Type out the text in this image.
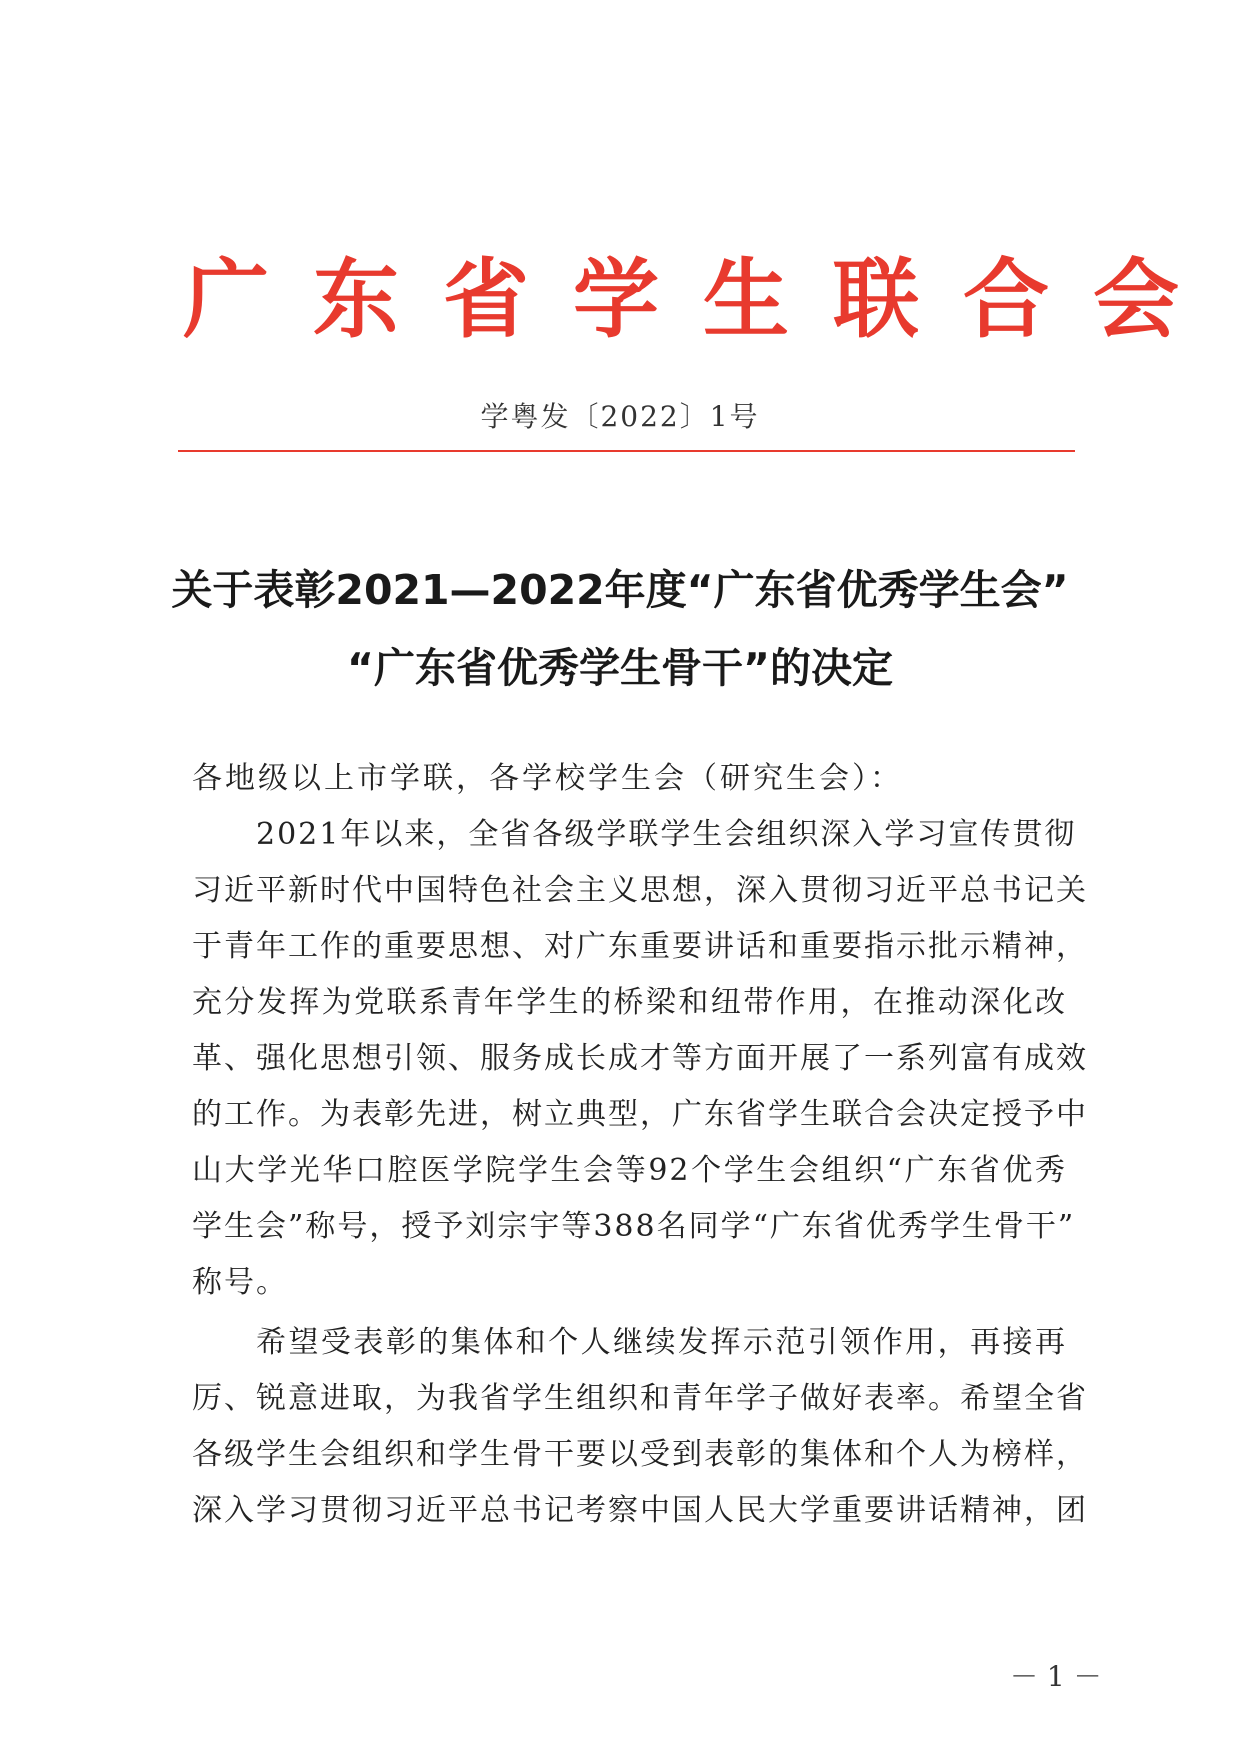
广东省学生联合会
学粤发〔2022〕1号
关于表彰2021—2022年度“广东省优秀学生会”
“广东省优秀学生骨干”的决定
各地级以上市学联，各学校学生会（研究生会）：
2021年以来，全省各级学联学生会组织深入学习宣传贯彻
习近平新时代中国特色社会主义思想，深入贯彻习近平总书记关
于青年工作的重要思想、对广东重要讲话和重要指示批示精神，
充分发挥为党联系青年学生的桥梁和纽带作用，在推动深化改
革、强化思想引领、服务成长成才等方面开展了一系列富有成效
的工作。为表彰先进，树立典型，广东省学生联合会决定授予中
山大学光华口腔医学院学生会等92个学生会组织“广东省优秀
学生会”称号，授予刘宗宇等388名同学“广东省优秀学生骨干”
称号。
希望受表彰的集体和个人继续发挥示范引领作用，再接再
厉、锐意进取，为我省学生组织和青年学子做好表率。希望全省
各级学生会组织和学生骨干要以受到表彰的集体和个人为榜样，
深入学习贯彻习近平总书记考察中国人民大学重要讲话精神，团
－ 1 －
